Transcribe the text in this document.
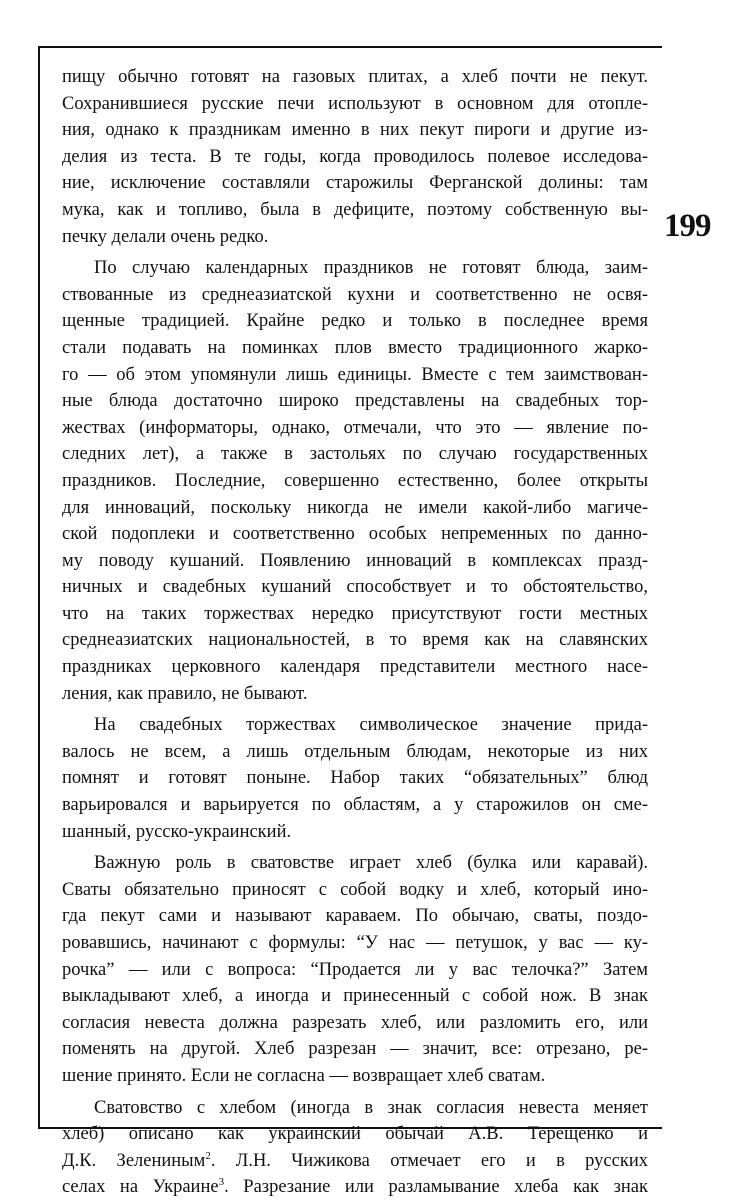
199
пищу обычно готовят на газовых плитах, а хлеб почти не пекут.
Сохранившиеся русские печи используют в основном для отопле-
ния, однако к праздникам именно в них пекут пироги и другие из-
делия из теста. В те годы, когда проводилось полевое исследова-
ние, исключение составляли старожилы Ферганской долины: там
мука, как и топливо, была в дефиците, поэтому собственную вы-
печку делали очень редко.
По случаю календарных праздников не готовят блюда, заим-
ствованные из среднеазиатской кухни и соответственно не освя-
щенные традицией. Крайне редко и только в последнее время
стали подавать на поминках плов вместо традиционного жарко-
го — об этом упомянули лишь единицы. Вместе с тем заимствован-
ные блюда достаточно широко представлены на свадебных тор-
жествах (информаторы, однако, отмечали, что это — явление по-
следних лет), а также в застольях по случаю государственных
праздников. Последние, совершенно естественно, более открыты
для инноваций, поскольку никогда не имели какой-либо магиче-
ской подоплеки и соответственно особых непременных по данно-
му поводу кушаний. Появлению инноваций в комплексах празд-
ничных и свадебных кушаний способствует и то обстоятельство,
что на таких торжествах нередко присутствуют гости местных
среднеазиатских национальностей, в то время как на славянских
праздниках церковного календаря представители местного насе-
ления, как правило, не бывают.
На свадебных торжествах символическое значение прида-
валось не всем, а лишь отдельным блюдам, некоторые из них
помнят и готовят поныне. Набор таких “обязательных” блюд
варьировался и варьируется по областям, а у старожилов он сме-
шанный, русско-украинский.
Важную роль в сватовстве играет хлеб (булка или каравай).
Сваты обязательно приносят с собой водку и хлеб, который ино-
гда пекут сами и называют караваем. По обычаю, сваты, поздо-
ровавшись, начинают с формулы: “У нас — петушок, у вас — ку-
рочка” — или с вопроса: “Продается ли у вас телочка?” Затем
выкладывают хлеб, а иногда и принесенный с собой нож. В знак
согласия невеста должна разрезать хлеб, или разломить его, или
поменять на другой. Хлеб разрезан — значит, все: отрезано, ре-
шение принято. Если не согласна — возвращает хлеб сватам.
Сватовство с хлебом (иногда в знак согласия невеста меняет
хлеб) описано как украинский обычай А.В. Терещенко и
Д.К. Зелениным$^2$. Л.Н. Чижикова отмечает его и в русских
селах на Украине$^3$. Разрезание или разламывание хлеба как знак
